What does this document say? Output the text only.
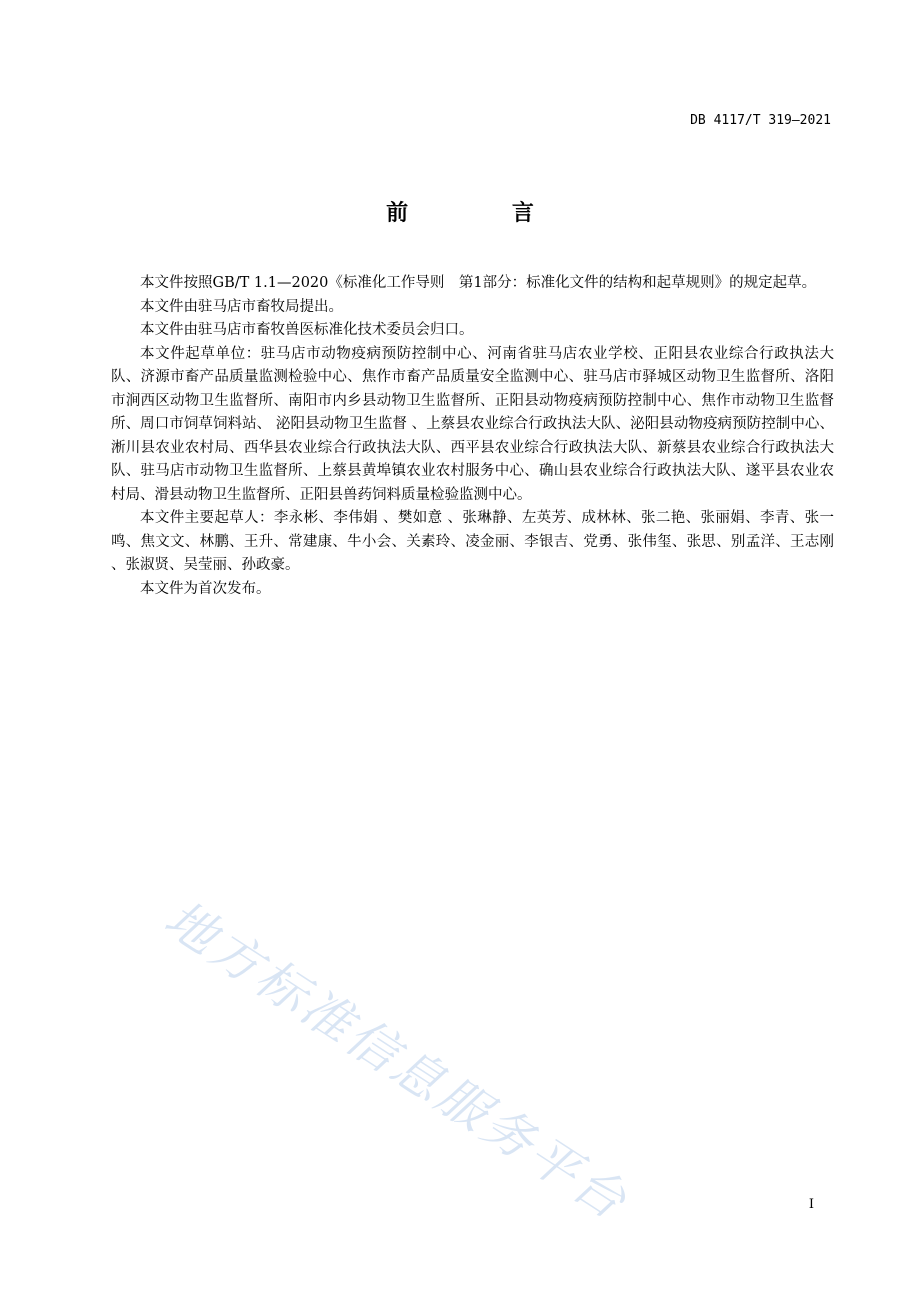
DB 4117/T 319—2021
前 言

本文件按照GB/T 1.1—2020《标准化工作导则　第1部分：标准化文件的结构和起草规则》的规定起草。

本文件由驻马店市畜牧局提出。

本文件由驻马店市畜牧兽医标准化技术委员会归口。

本文件起草单位：驻马店市动物疫病预防控制中心、河南省驻马店农业学校、正阳县农业综合行政执法大队、济源市畜产品质量监测检验中心、焦作市畜产品质量安全监测中心、驻马店市驿城区动物卫生监督所、洛阳市涧西区动物卫生监督所、南阳市内乡县动物卫生监督所、正阳县动物疫病预防控制中心、焦作市动物卫生监督所、周口市饲草饲料站、 泌阳县动物卫生监督 、上蔡县农业综合行政执法大队、泌阳县动物疫病预防控制中心、淅川县农业农村局、西华县农业综合行政执法大队、西平县农业综合行政执法大队、新蔡县农业综合行政执法大队、驻马店市动物卫生监督所、上蔡县黄埠镇农业农村服务中心、确山县农业综合行政执法大队、遂平县农业农村局、滑县动物卫生监督所、正阳县兽药饲料质量检验监测中心。

本文件主要起草人：李永彬、李伟娟 、樊如意 、张琳静、左英芳、成林林、张二艳、张丽娟、李青、张一鸣、焦文文、林鹏、王升、常建康、牛小会、关素玲、凌金丽、李银吉、党勇、张伟玺、张思、别孟洋、王志刚 、张淑贤、吴莹丽、孙政豪。

本文件为首次发布。

地方标准信息服务平台	I
